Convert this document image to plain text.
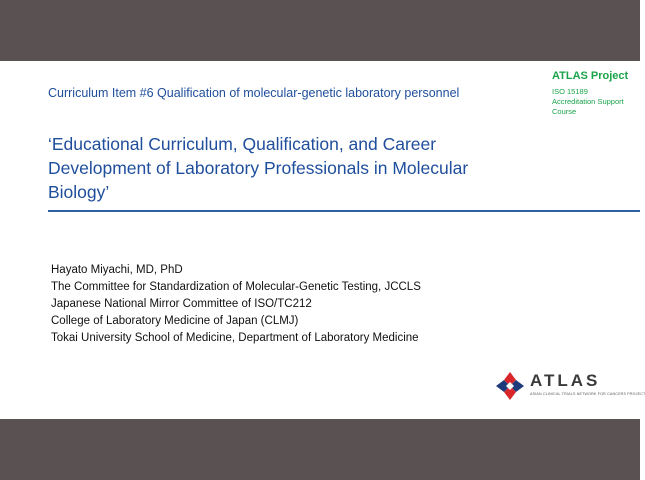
Curriculum Item #6 Qualification of molecular-genetic laboratory personnel
ATLAS Project
ISO 15189 Accreditation Support Course
‘Educational Curriculum, Qualification, and Career Development of Laboratory Professionals in Molecular Biology’
Hayato Miyachi, MD, PhD
The Committee for Standardization of Molecular-Genetic Testing, JCCLS
Japanese National Mirror Committee of ISO/TC212
College of Laboratory Medicine of Japan (CLMJ)
Tokai University School of Medicine, Department of Laboratory Medicine
ATLAS
ASIAN CLINICAL TRIALS NETWORK FOR CANCERS PROJECT
